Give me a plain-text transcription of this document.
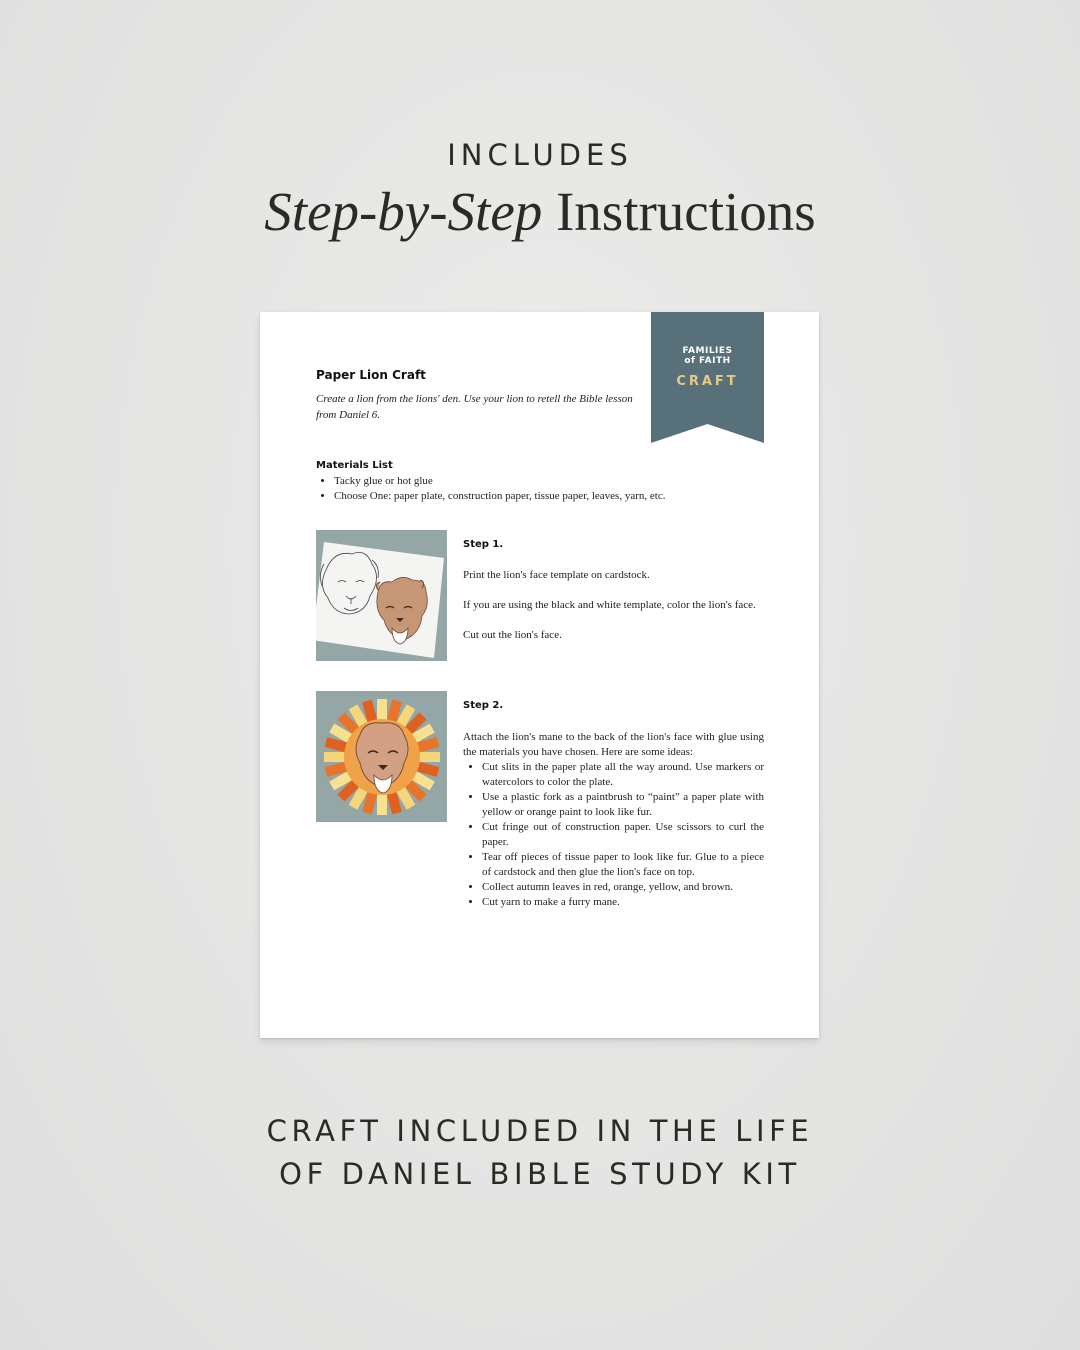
INCLUDES
Step-by-Step Instructions
FAMILIES
of FAITH
CRAFT
Paper Lion Craft
Create a lion from the lions' den. Use your lion to retell the Bible lesson from Daniel 6.
Materials List
• Tacky glue or hot glue
• Choose One: paper plate, construction paper, tissue paper, leaves, yarn, etc.
Step 1.

Print the lion's face template on cardstock.

If you are using the black and white template, color the lion's face.

Cut out the lion's face.

Step 2.

Attach the lion's mane to the back of the lion's face with glue using the materials you have chosen. Here are some ideas:

• Cut slits in the paper plate all the way around. Use markers or watercolors to color the plate.
• Use a plastic fork as a paintbrush to “paint” a paper plate with yellow or orange paint to look like fur.
• Cut fringe out of construction paper. Use scissors to curl the paper.
• Tear off pieces of tissue paper to look like fur. Glue to a piece of cardstock and then glue the lion's face on top.
• Collect autumn leaves in red, orange, yellow, and brown.
• Cut yarn to make a furry mane.
CRAFT INCLUDED IN THE LIFE
OF DANIEL BIBLE STUDY KIT
